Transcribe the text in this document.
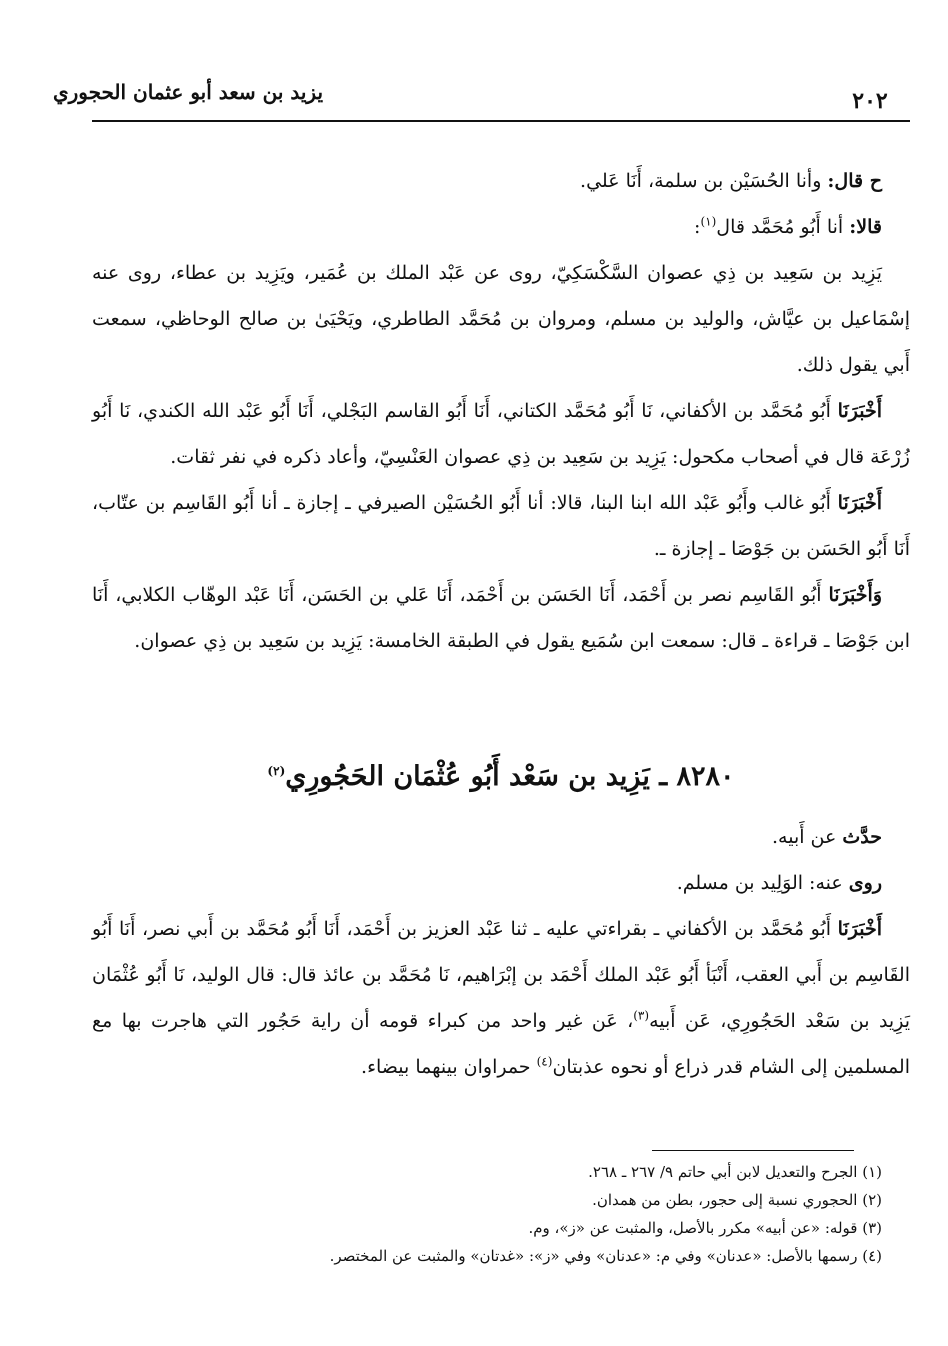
يزيد بن سعد أبو عثمان الحجوري	٢٠٢

ح قال: وأنا الحُسَيْن بن سلمة، أَنَا عَلي.

قالا: أنا أَبُو مُحَمَّد قال$^{(١)}$:

يَزِيد بن سَعِيد بن ذِي عصوان السَّكْسَكِيّ، روى عن عَبْد الملك بن عُمَير، ويَزِيد بن عطاء، روى عنه إسْمَاعيل بن عيَّاش، والوليد بن مسلم، ومروان بن مُحَمَّد الطاطري، ويَحْيَىٰ بن صالح الوحاظي، سمعت أَبي يقول ذلك.

أَخْبَرَنَا أَبُو مُحَمَّد بن الأكفاني، نَا أَبُو مُحَمَّد الكتاني، أَنَا أَبُو القاسم البَجْلي، أَنَا أَبُو عَبْد الله الكندي، نَا أَبُو زُرْعَة قال في أصحاب مكحول: يَزِيد بن سَعِيد بن ذِي عصوان العَنْسِيّ، وأعاد ذكره في نفر ثقات.

أَخْبَرَنَا أَبُو غالب وأَبُو عَبْد الله ابنا البنا، قالا: أنا أَبُو الحُسَيْن الصيرفي ـ إجازة ـ أنا أَبُو القَاسِم بن عتّاب، أَنَا أَبُو الحَسَن بن جَوْصَا ـ إجازة ـ.

وَأَخْبَرَنَا أَبُو القَاسِم نصر بن أَحْمَد، أَنَا الحَسَن بن أَحْمَد، أَنَا عَلي بن الحَسَن، أَنَا عَبْد الوهّاب الكلابي، أَنَا ابن جَوْصَا ـ قراءة ـ قال: سمعت ابن سُمَيع يقول في الطبقة الخامسة: يَزِيد بن سَعِيد بن ذِي عصوان.

٨٢٨٠ ـ يَزِيد بن سَعْد أَبُو عُثْمَان الحَجُورِي$^{(٢)}$

حدَّث عن أَبيه.

روى عنه: الوَلِيد بن مسلم.

أَخْبَرَنَا أَبُو مُحَمَّد بن الأكفاني ـ بقراءتي عليه ـ ثنا عَبْد العزيز بن أَحْمَد، أَنَا أَبُو مُحَمَّد بن أَبي نصر، أَنَا أَبُو القَاسِم بن أَبي العقب، أَنْبَأ أَبُو عَبْد الملك أَحْمَد بن إبْرَاهيم، نَا مُحَمَّد بن عائذ قال: قال الوليد، نَا أَبُو عُثْمَان يَزِيد بن سَعْد الحَجُورِي، عَن أَبيه$^{(٣)}$، عَن غير واحد من كبراء قومه أن راية حَجُور التي هاجرت بها مع المسلمين إلى الشام قدر ذراع أو نحوه عذبتان$^{(٤)}$ حمراوان بينهما بيضاء.

(١) الجرح والتعديل لابن أبي حاتم ٩/ ٢٦٧ ـ ٢٦٨.

(٢) الحجوري نسبة إلى حجور، بطن من همدان.

(٣) قوله: «عن أبيه» مكرر بالأصل، والمثبت عن «ز»، وم.

(٤) رسمها بالأصل: «عدنان» وفي م: «عدنان» وفي «ز»: «غدتان» والمثبت عن المختصر.
